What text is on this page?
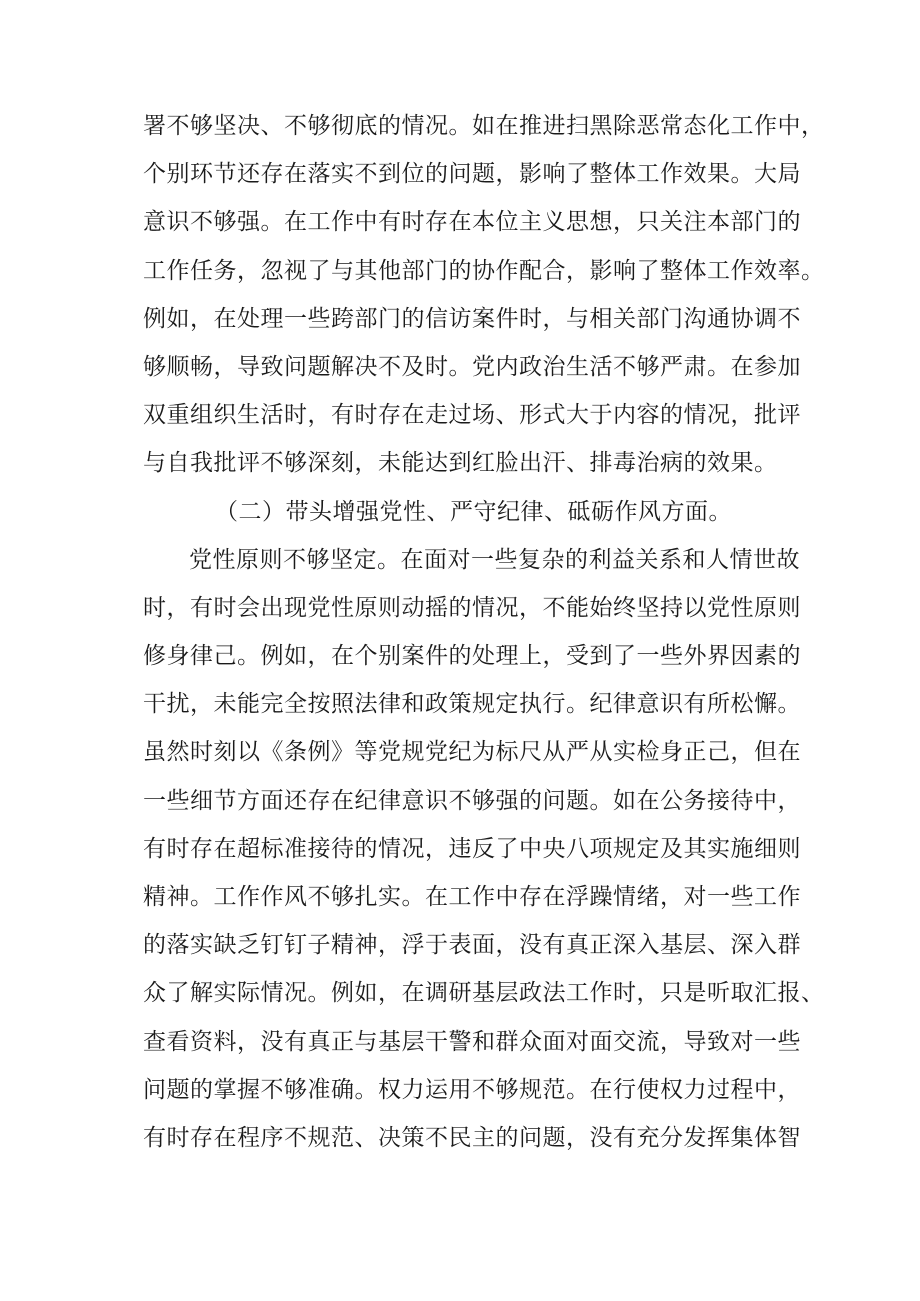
署不够坚决、不够彻底的情况。如在推进扫黑除恶常态化工作中，
个别环节还存在落实不到位的问题，影响了整体工作效果。大局
意识不够强。在工作中有时存在本位主义思想，只关注本部门的
工作任务，忽视了与其他部门的协作配合，影响了整体工作效率。
例如，在处理一些跨部门的信访案件时，与相关部门沟通协调不
够顺畅，导致问题解决不及时。党内政治生活不够严肃。在参加
双重组织生活时，有时存在走过场、形式大于内容的情况，批评
与自我批评不够深刻，未能达到红脸出汗、排毒治病的效果。
（二）带头增强党性、严守纪律、砥砺作风方面。
党性原则不够坚定。在面对一些复杂的利益关系和人情世故
时，有时会出现党性原则动摇的情况，不能始终坚持以党性原则
修身律己。例如，在个别案件的处理上，受到了一些外界因素的
干扰，未能完全按照法律和政策规定执行。纪律意识有所松懈。
虽然时刻以《条例》等党规党纪为标尺从严从实检身正己，但在
一些细节方面还存在纪律意识不够强的问题。如在公务接待中，
有时存在超标准接待的情况，违反了中央八项规定及其实施细则
精神。工作作风不够扎实。在工作中存在浮躁情绪，对一些工作
的落实缺乏钉钉子精神，浮于表面，没有真正深入基层、深入群
众了解实际情况。例如，在调研基层政法工作时，只是听取汇报、
查看资料，没有真正与基层干警和群众面对面交流，导致对一些
问题的掌握不够准确。权力运用不够规范。在行使权力过程中，
有时存在程序不规范、决策不民主的问题，没有充分发挥集体智
